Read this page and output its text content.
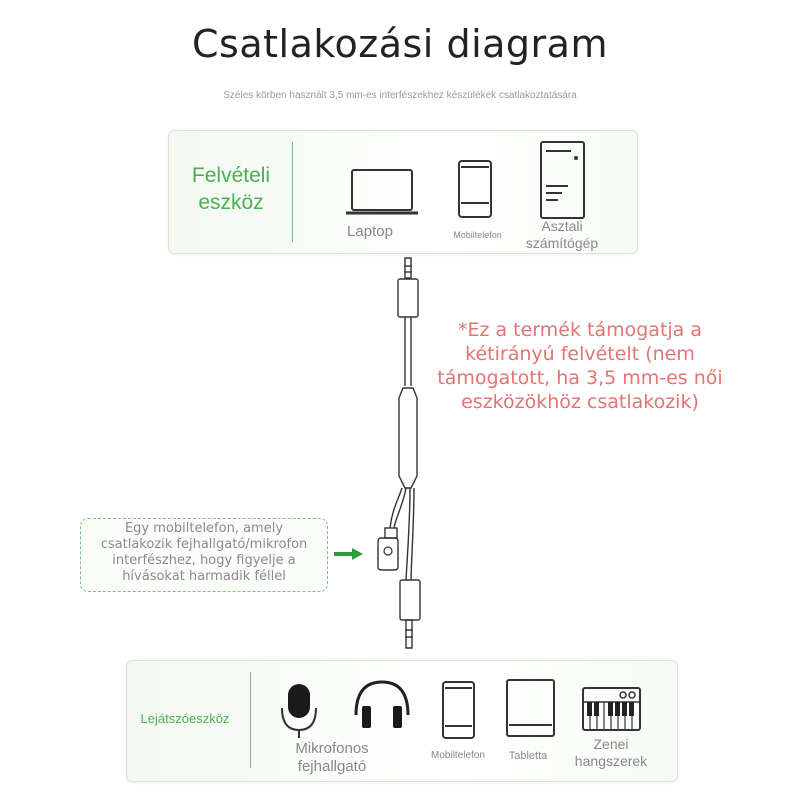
Csatlakozási diagram
Széles körben használt 3,5 mm-es interfészekhez készülékek csatlakoztatására
Felvételi
eszköz
Laptop	Mobiltelefon
Asztali
számítógép
*Ez a termék támogatja a
kétirányú felvételt (nem
támogatott, ha 3,5 mm-es női
eszközökhöz csatlakozik)
Egy mobiltelefon, amely
csatlakozik fejhallgató/mikrofon
interfészhez, hogy figyelje a
hívásokat harmadik féllel
Lejátszóeszköz
Mikrofonos
fejhallgató
Mobiltelefon	Tabletta
Zenei
hangszerek
